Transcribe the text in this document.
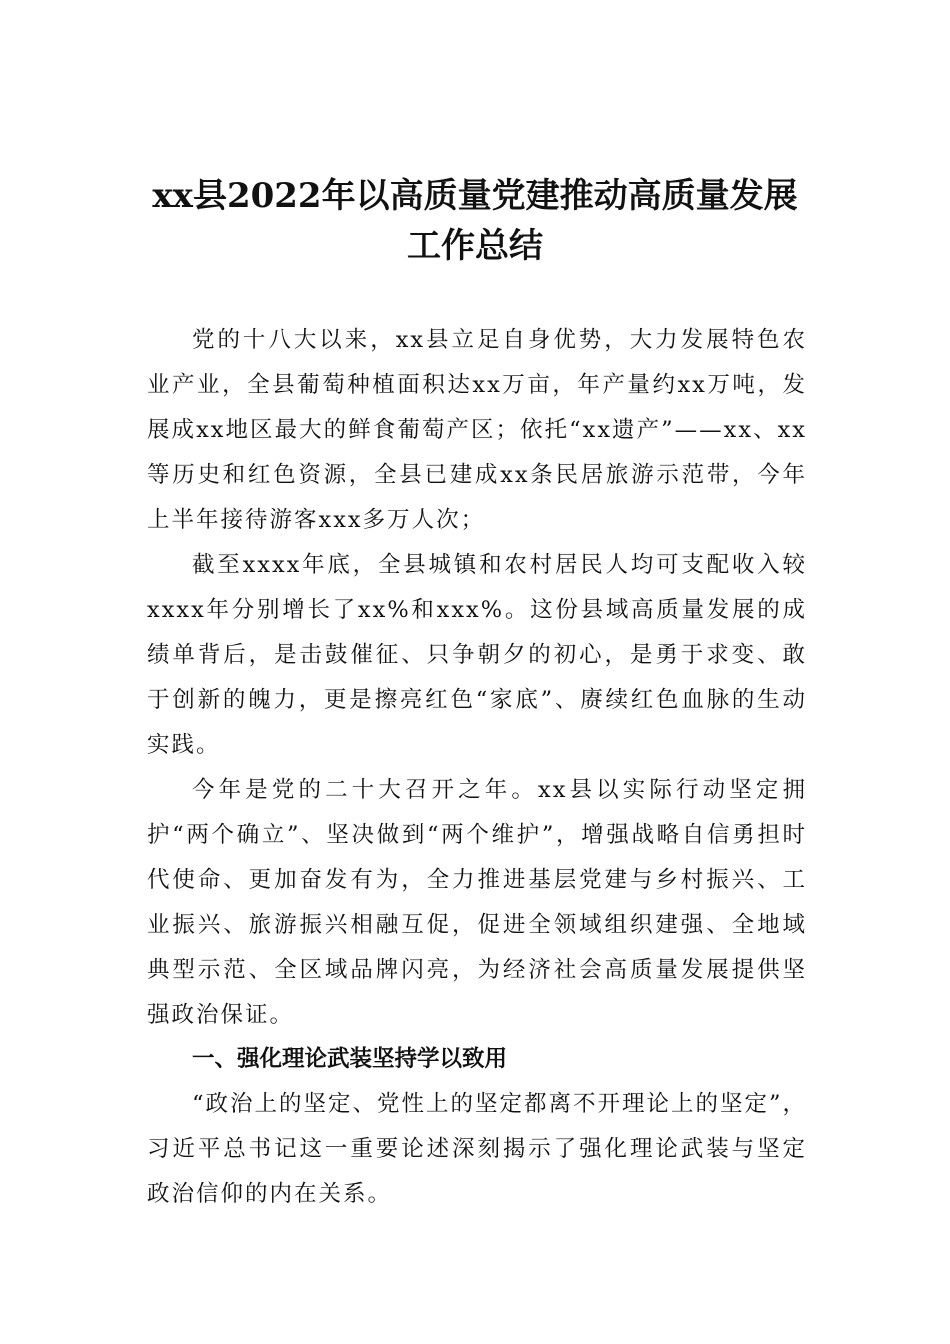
xx县2022年以高质量党建推动高质量发展
工作总结

党的十八大以来，xx县立足自身优势，大力发展特色农业产业，全县葡萄种植面积达xx万亩，年产量约xx万吨，发展成xx地区最大的鲜食葡萄产区；依托“xx遗产”——xx、xx等历史和红色资源，全县已建成xx条民居旅游示范带，今年上半年接待游客xxx多万人次；

截至xxxx年底，全县城镇和农村居民人均可支配收入较xxxx年分别增长了xx%和xxx%。这份县域高质量发展的成绩单背后，是击鼓催征、只争朝夕的初心，是勇于求变、敢于创新的魄力，更是擦亮红色“家底”、赓续红色血脉的生动实践。

今年是党的二十大召开之年。xx县以实际行动坚定拥护“两个确立”、坚决做到“两个维护”，增强战略自信勇担时代使命、更加奋发有为，全力推进基层党建与乡村振兴、工业振兴、旅游振兴相融互促，促进全领域组织建强、全地域典型示范、全区域品牌闪亮，为经济社会高质量发展提供坚强政治保证。

一、强化理论武装坚持学以致用

“政治上的坚定、党性上的坚定都离不开理论上的坚定”，习近平总书记这一重要论述深刻揭示了强化理论武装与坚定政治信仰的内在关系。
